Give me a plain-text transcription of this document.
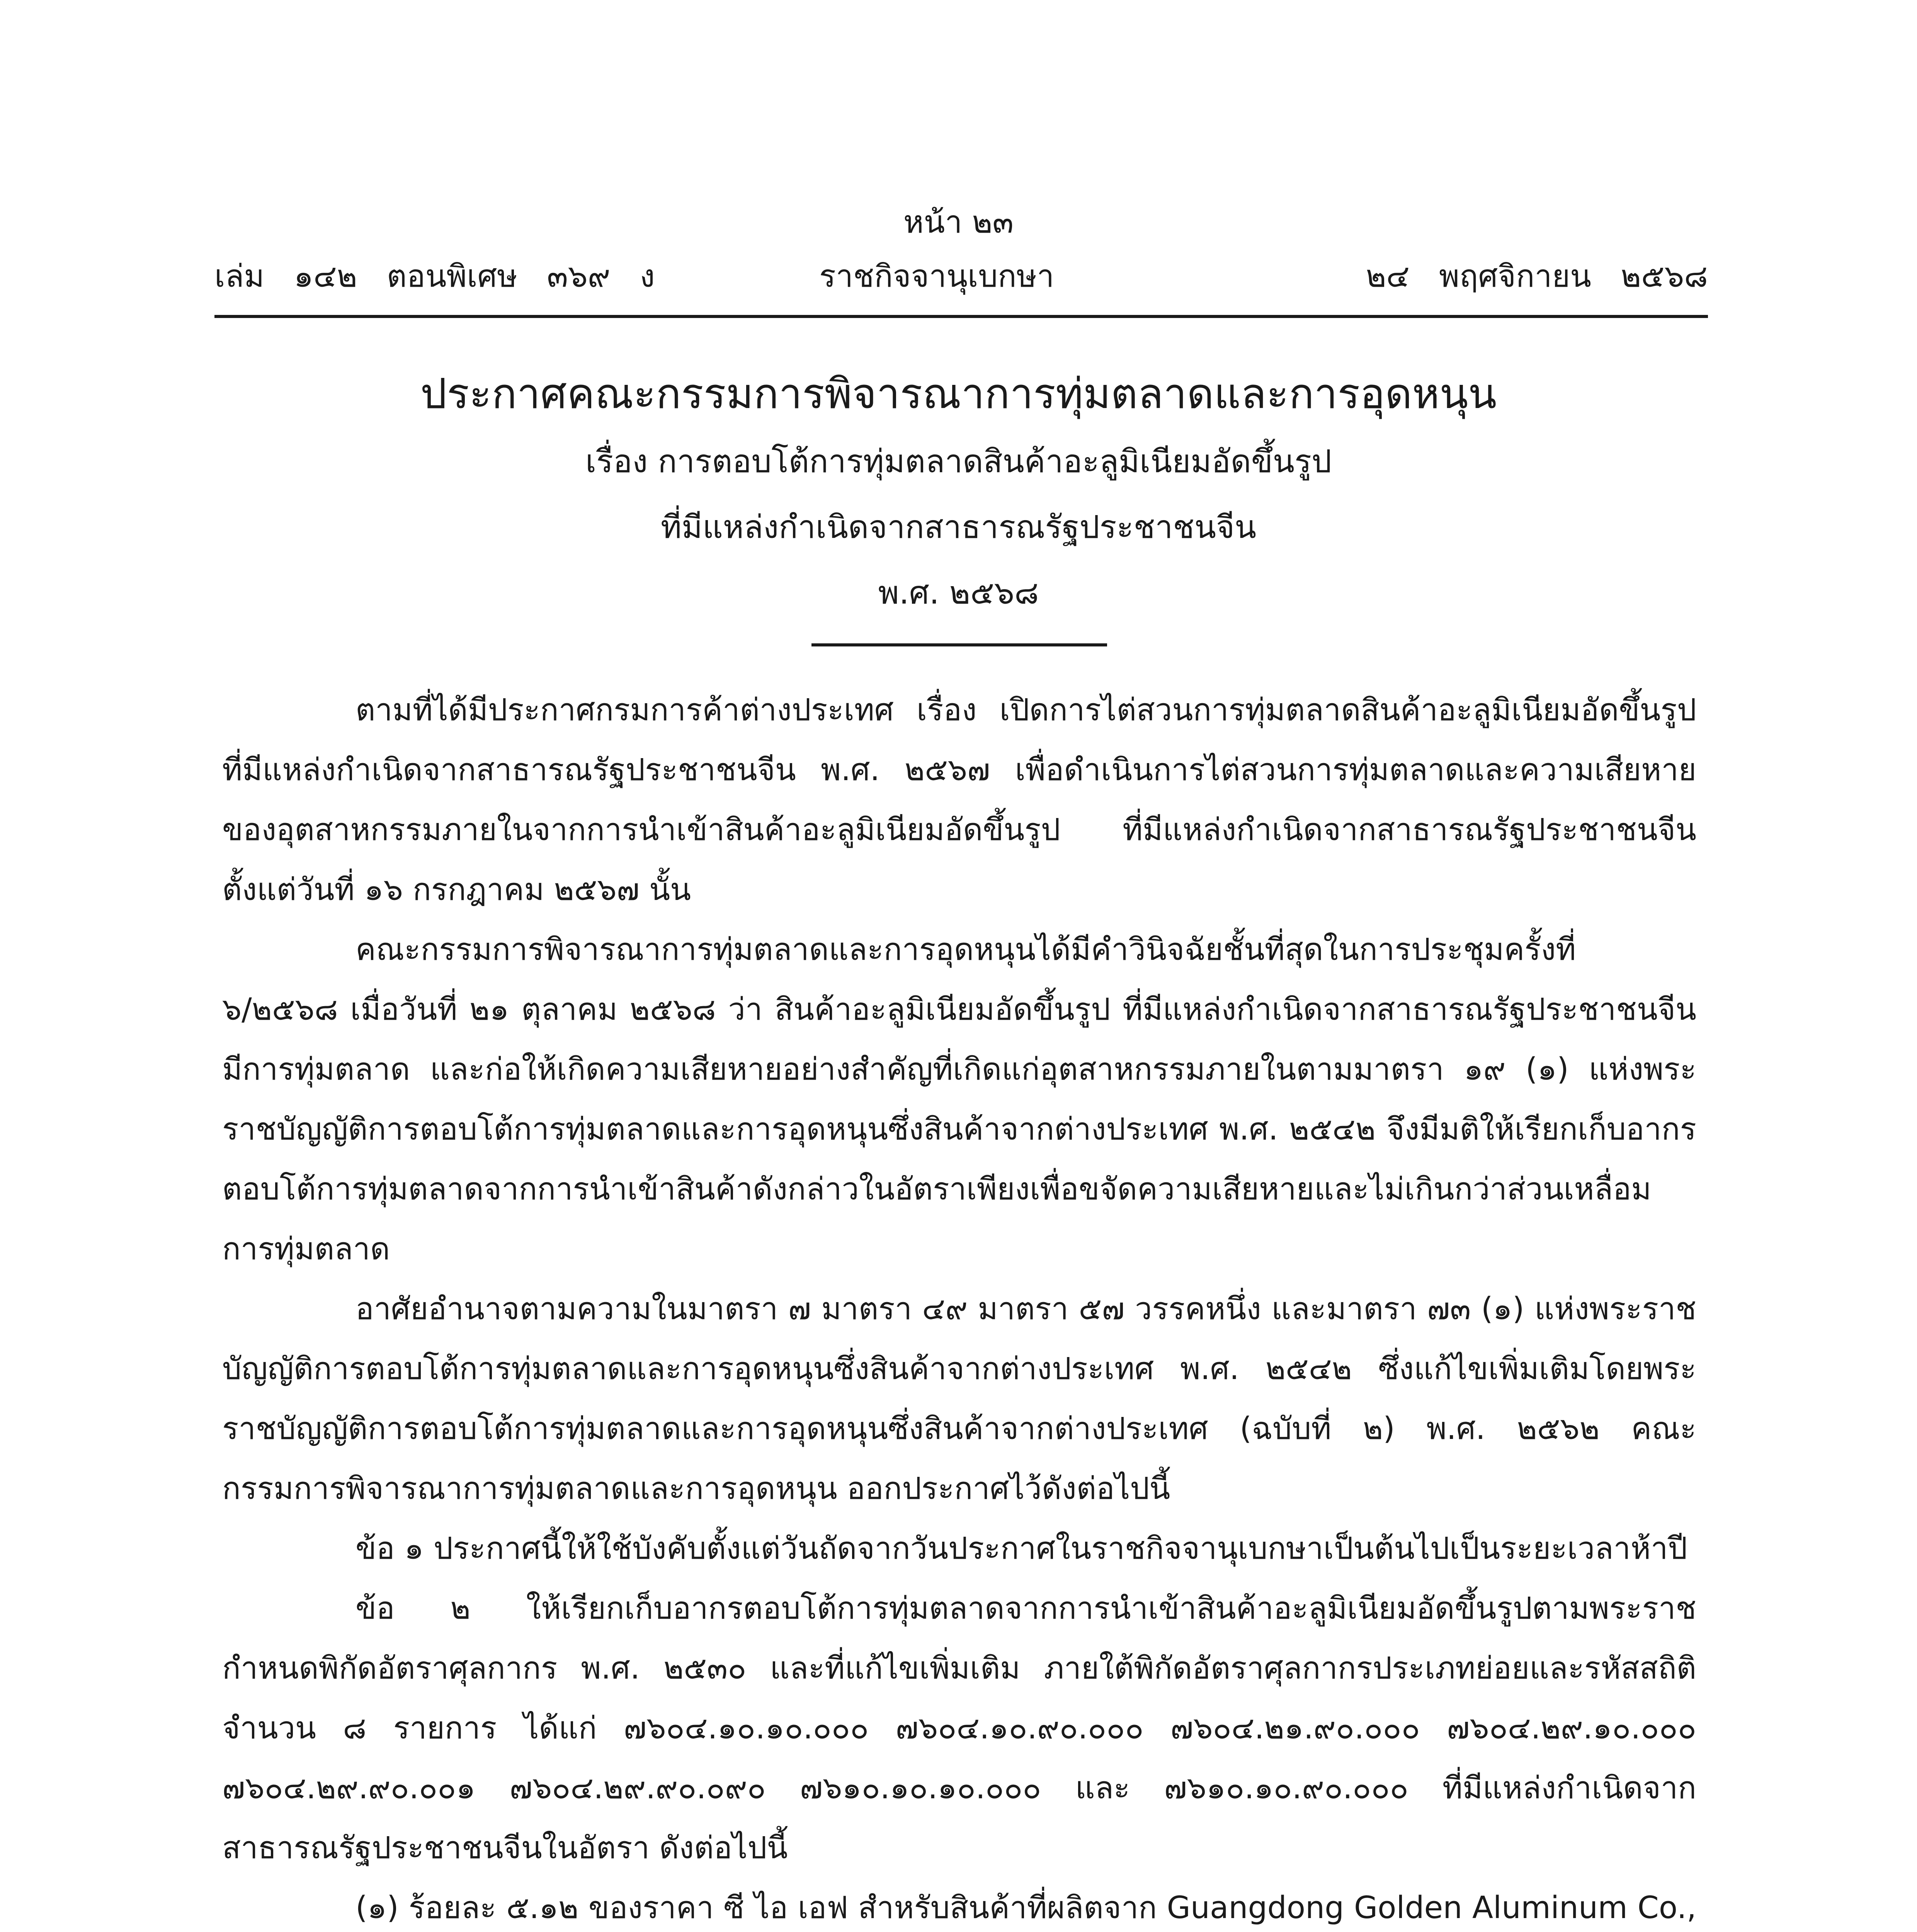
หน้า ๒๓
เล่ม   ๑๔๒   ตอนพิเศษ   ๓๖๙   ง	ราชกิจจานุเบกษา	๒๔   พฤศจิกายน   ๒๕๖๘
ประกาศคณะกรรมการพิจารณาการทุ่มตลาดและการอุดหนุน
เรื่อง การตอบโต้การทุ่มตลาดสินค้าอะลูมิเนียมอัดขึ้นรูป
ที่มีแหล่งกำเนิดจากสาธารณรัฐประชาชนจีน
พ.ศ. ๒๕๖๘

ตามที่ได้มีประกาศกรมการค้าต่างประเทศ เรื่อง เปิดการไต่สวนการทุ่มตลาดสินค้าอะลูมิเนียมอัดขึ้นรูป ที่มีแหล่งกำเนิดจากสาธารณรัฐประชาชนจีน พ.ศ. ๒๕๖๗ เพื่อดำเนินการไต่สวนการทุ่มตลาดและความเสียหายของอุตสาหกรรมภายในจากการนำเข้าสินค้าอะลูมิเนียมอัดขึ้นรูป ที่มีแหล่งกำเนิดจากสาธารณรัฐประชาชนจีน ตั้งแต่วันที่ ๑๖ กรกฎาคม ๒๕๖๗ นั้น

คณะกรรมการพิจารณาการทุ่มตลาดและการอุดหนุนได้มีคำวินิจฉัยชั้นที่สุดในการประชุมครั้งที่ ๖/๒๕๖๘ เมื่อวันที่ ๒๑ ตุลาคม ๒๕๖๘ ว่า สินค้าอะลูมิเนียมอัดขึ้นรูป ที่มีแหล่งกำเนิดจากสาธารณรัฐประชาชนจีนมีการทุ่มตลาด และก่อให้เกิดความเสียหายอย่างสำคัญที่เกิดแก่อุตสาหกรรมภายในตามมาตรา ๑๙ (๑) แห่งพระราชบัญญัติการตอบโต้การทุ่มตลาดและการอุดหนุนซึ่งสินค้าจากต่างประเทศ พ.ศ. ๒๕๔๒ จึงมีมติให้เรียกเก็บอากรตอบโต้การทุ่มตลาดจากการนำเข้าสินค้าดังกล่าวในอัตราเพียงเพื่อขจัดความเสียหายและไม่เกินกว่าส่วนเหลื่อมการทุ่มตลาด

อาศัยอำนาจตามความในมาตรา ๗ มาตรา ๔๙ มาตรา ๕๗ วรรคหนึ่ง และมาตรา ๗๓ (๑) แห่งพระราชบัญญัติการตอบโต้การทุ่มตลาดและการอุดหนุนซึ่งสินค้าจากต่างประเทศ พ.ศ. ๒๕๔๒ ซึ่งแก้ไขเพิ่มเติมโดยพระราชบัญญัติการตอบโต้การทุ่มตลาดและการอุดหนุนซึ่งสินค้าจากต่างประเทศ (ฉบับที่ ๒) พ.ศ. ๒๕๖๒ คณะกรรมการพิจารณาการทุ่มตลาดและการอุดหนุน ออกประกาศไว้ดังต่อไปนี้

ข้อ ๑ ประกาศนี้ให้ใช้บังคับตั้งแต่วันถัดจากวันประกาศในราชกิจจานุเบกษาเป็นต้นไปเป็นระยะเวลาห้าปี

ข้อ ๒ ให้เรียกเก็บอากรตอบโต้การทุ่มตลาดจากการนำเข้าสินค้าอะลูมิเนียมอัดขึ้นรูปตามพระราชกำหนดพิกัดอัตราศุลกากร พ.ศ. ๒๕๓๐ และที่แก้ไขเพิ่มเติม ภายใต้พิกัดอัตราศุลกากรประเภทย่อยและรหัสสถิติ จำนวน ๘ รายการ ได้แก่ ๗๖๐๔.๑๐.๑๐.๐๐๐ ๗๖๐๔.๑๐.๙๐.๐๐๐ ๗๖๐๔.๒๑.๙๐.๐๐๐ ๗๖๐๔.๒๙.๑๐.๐๐๐ ๗๖๐๔.๒๙.๙๐.๐๐๑ ๗๖๐๔.๒๙.๙๐.๐๙๐ ๗๖๑๐.๑๐.๑๐.๐๐๐ และ ๗๖๑๐.๑๐.๙๐.๐๐๐ ที่มีแหล่งกำเนิดจากสาธารณรัฐประชาชนจีนในอัตรา ดังต่อไปนี้

(๑) ร้อยละ ๕.๑๒ ของราคา ซี ไอ เอฟ สำหรับสินค้าที่ผลิตจาก Guangdong Golden Aluminum Co.,
